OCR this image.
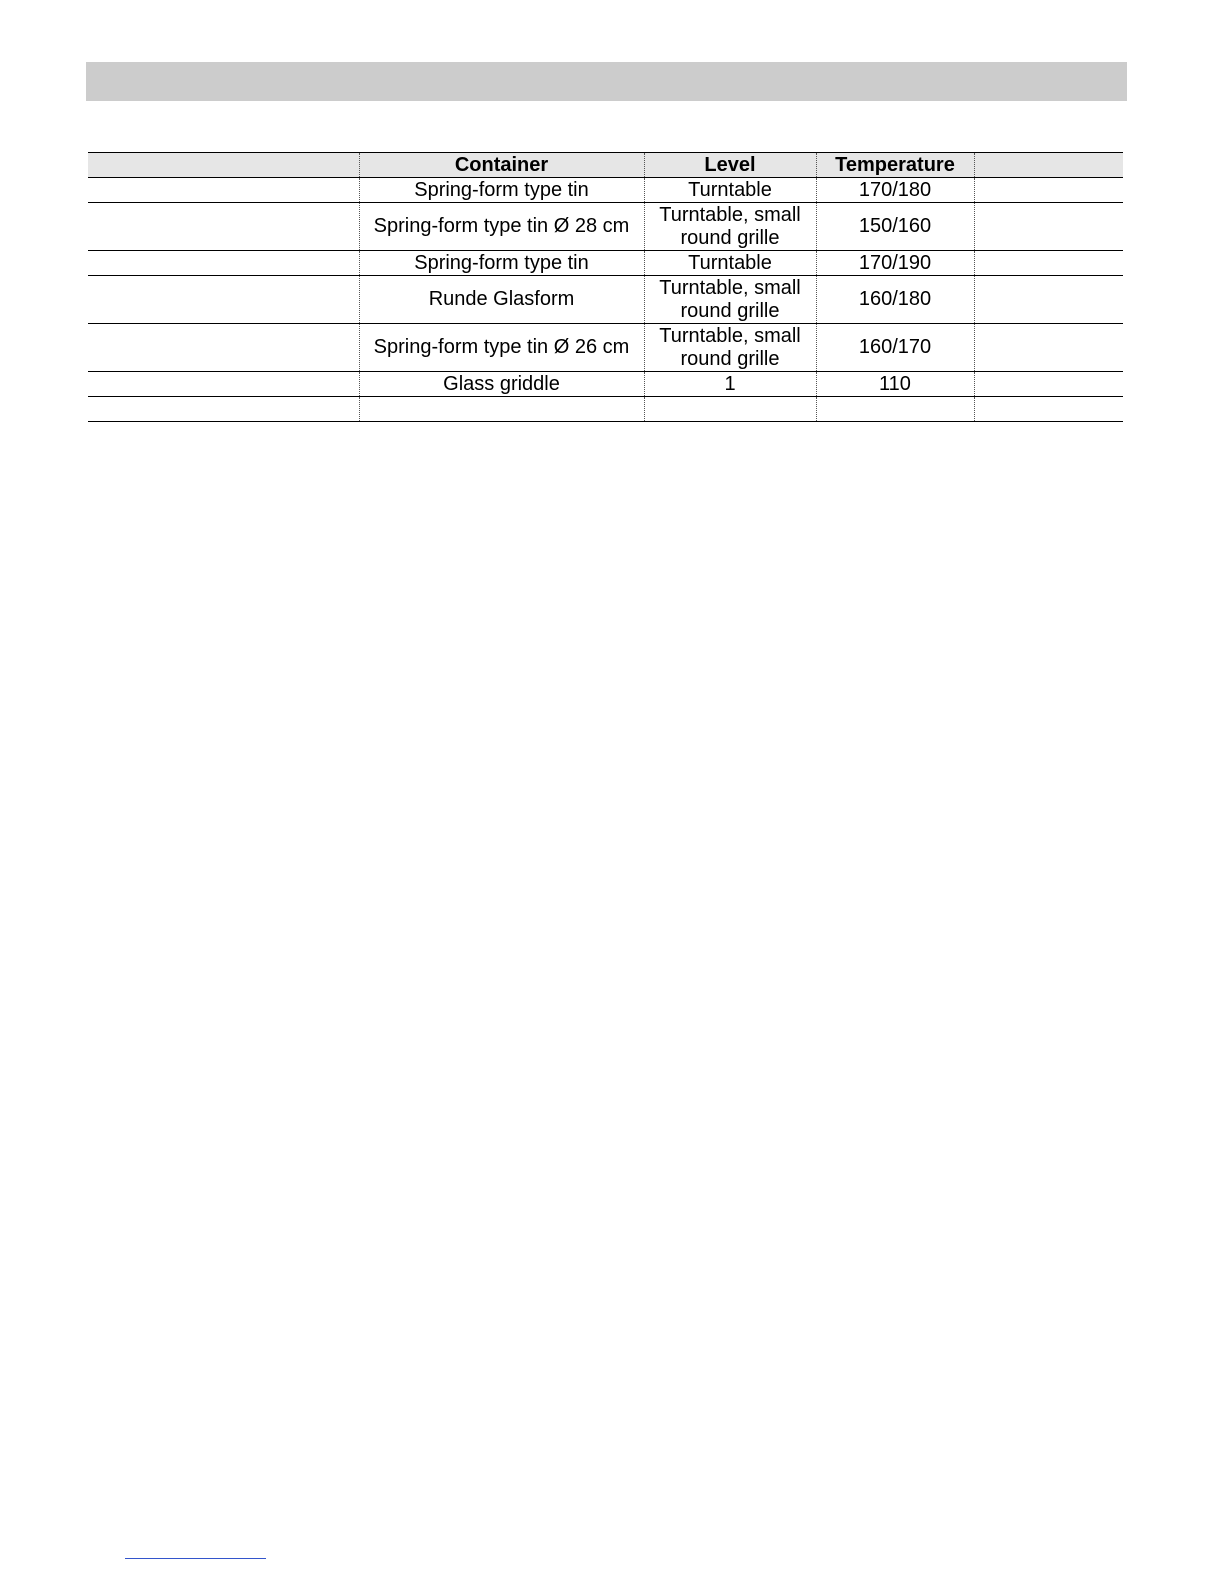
	Container	Level	Temperature	
	Spring-form type tin	Turntable	170/180	
	Spring-form type tin Ø 28 cm	Turntable, small round grille	150/160	
	Spring-form type tin	Turntable	170/190	
	Runde Glasform	Turntable, small round grille	160/180	
	Spring-form type tin Ø 26 cm	Turntable, small round grille	160/170	
	Glass griddle	1	110	
